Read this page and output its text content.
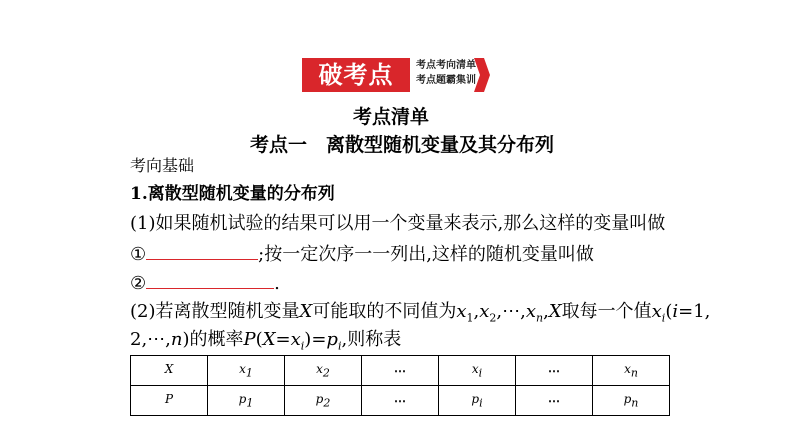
破考点	考点考向清单
考点题霸集训
考点清单
考点一　离散型随机变量及其分布列
考向基础
1.离散型随机变量的分布列
(1)如果随机试验的结果可以用一个变量来表示,那么这样的变量叫做
①	;按一定次序一一列出,这样的随机变量叫做
②	.
(2)若离散型随机变量X可能取的不同值为$x_1,x_2,\cdots,x_n,X$取每一个值$x_i(i=1$,
2,⋯,n)的概率$P(X=x_i)=p_i$,则称表
X	$x_1$	$x_2$	⋯	$x_i$	⋯	$x_n$
P	$p_1$	$p_2$	⋯	$p_i$	⋯	$p_n$
